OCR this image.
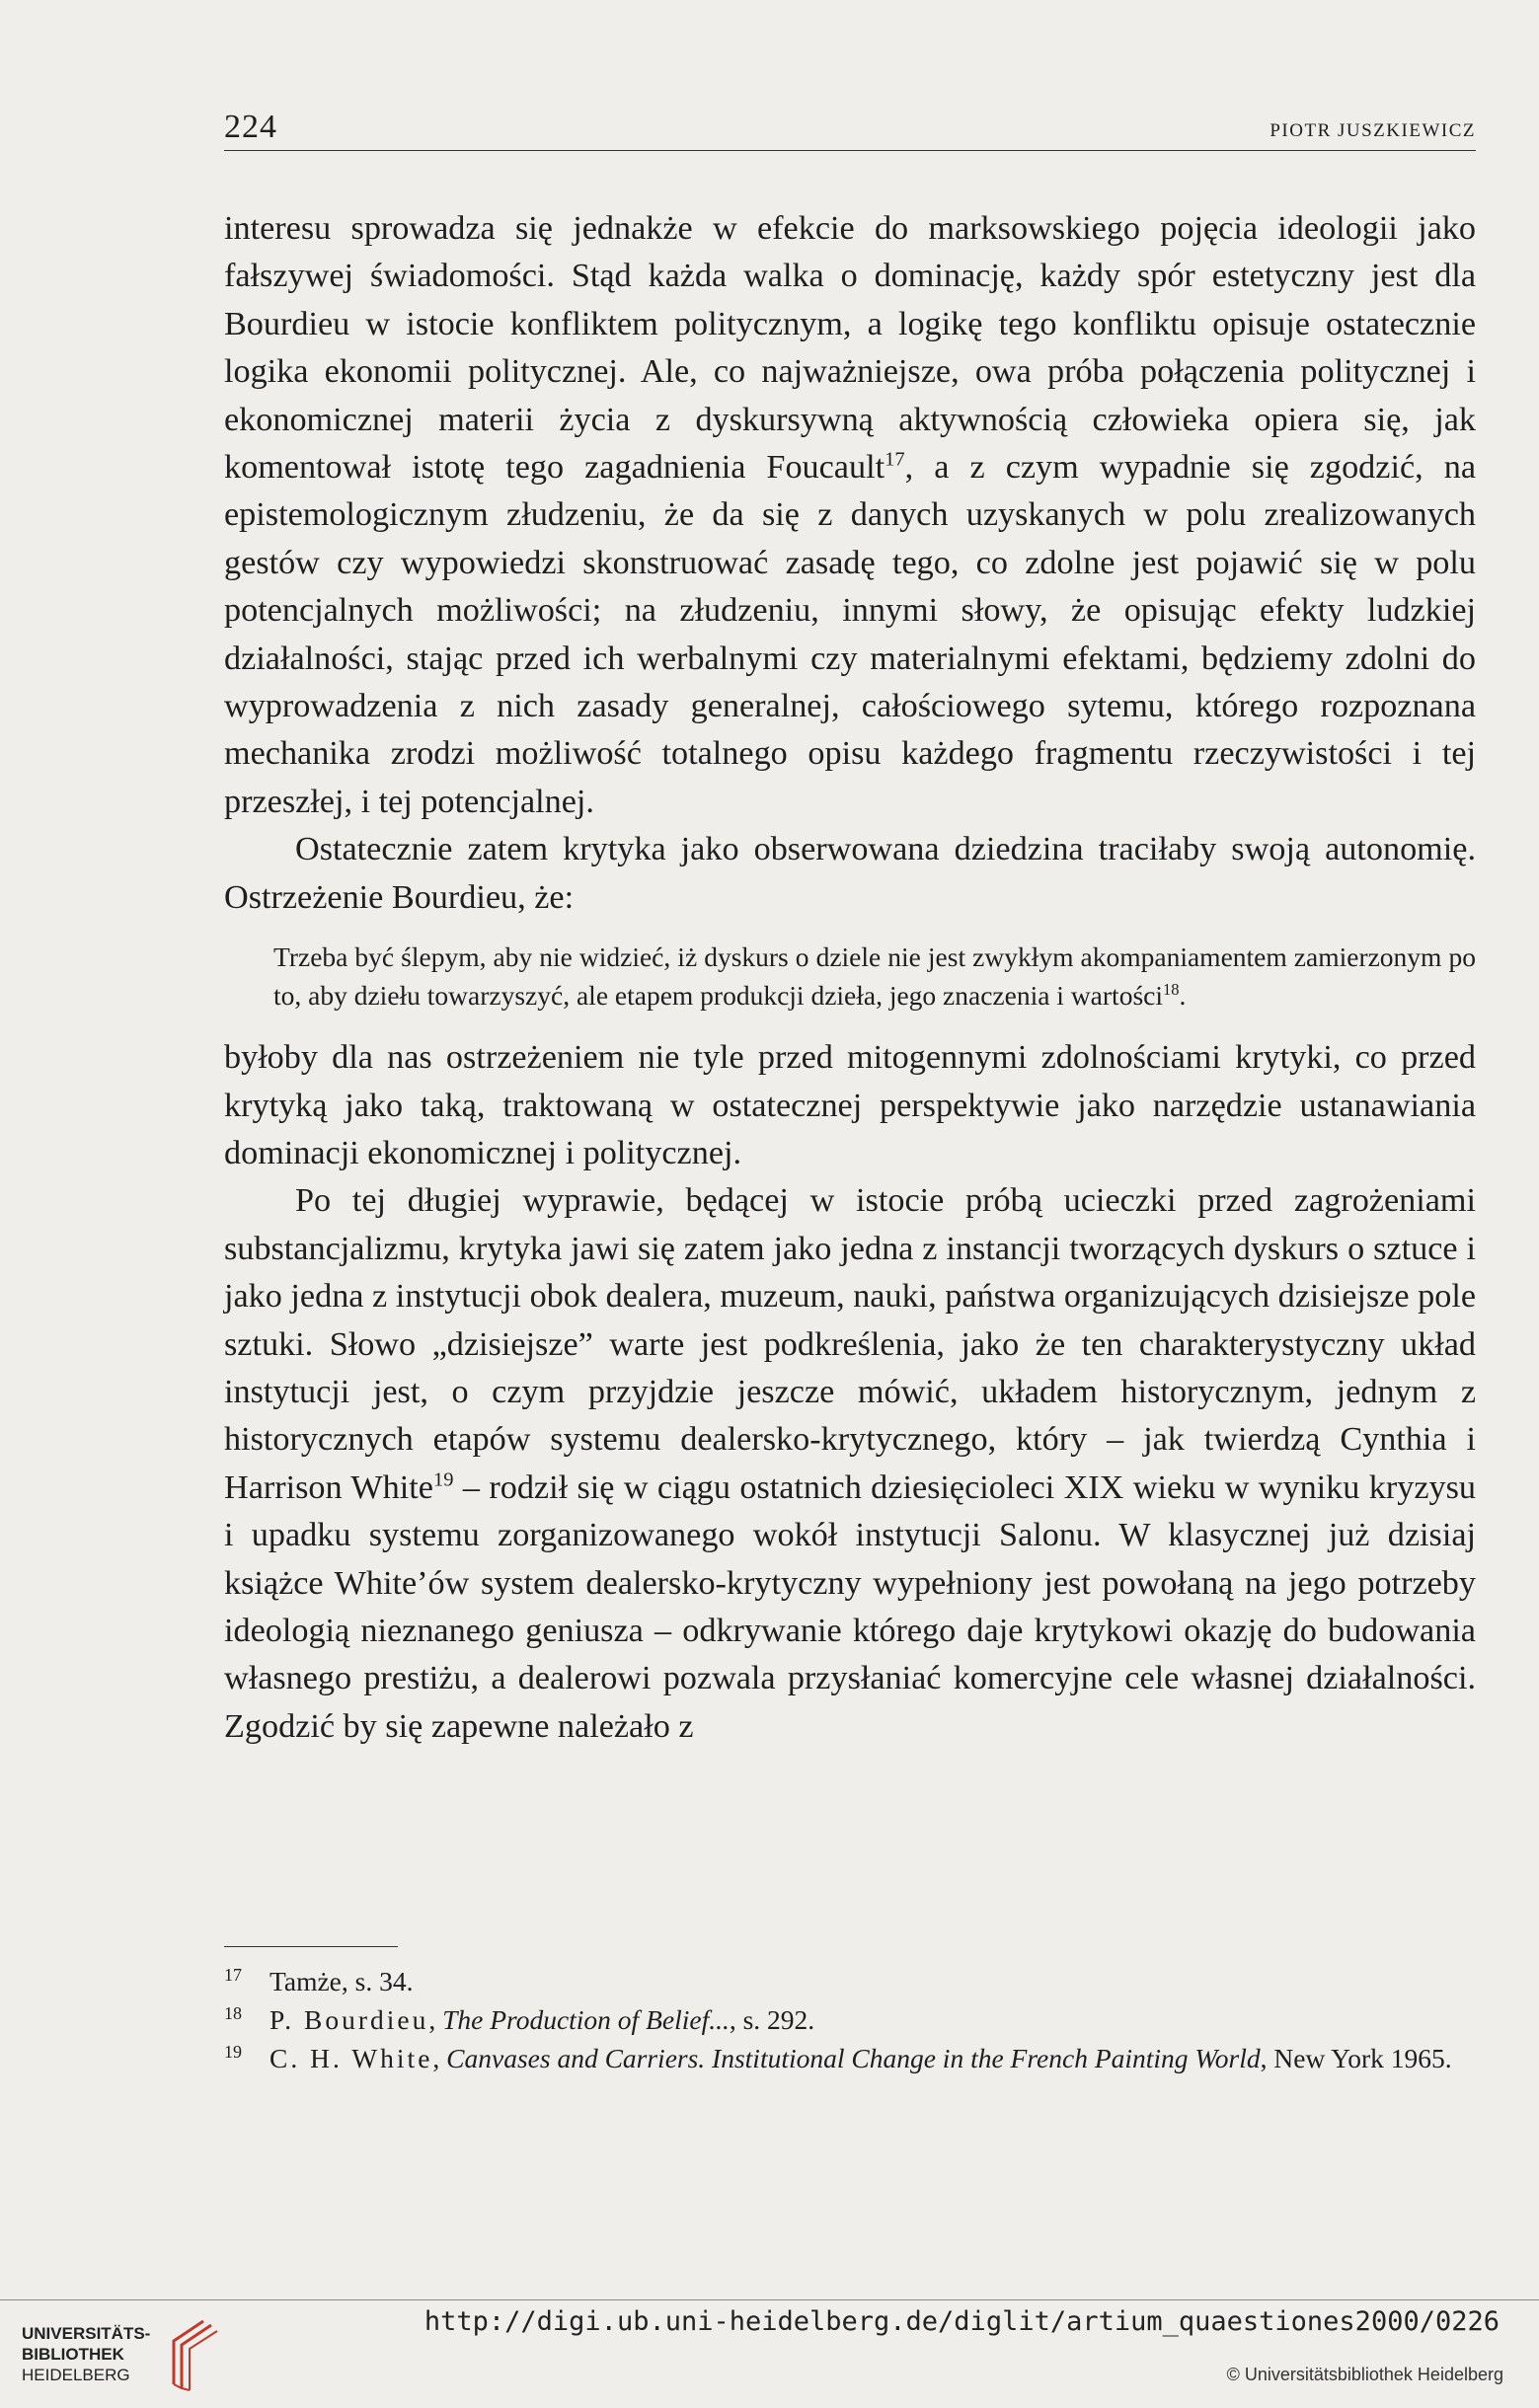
224	PIOTR JUSZKIEWICZ

interesu sprowadza się jednakże w efekcie do marksowskiego pojęcia ideologii jako fałszywej świadomości. Stąd każda walka o dominację, każdy spór estetyczny jest dla Bourdieu w istocie konfliktem politycznym, a logikę tego konfliktu opisuje ostatecznie logika ekonomii politycznej. Ale, co najważniejsze, owa próba połączenia politycznej i ekonomicznej materii życia z dyskursywną aktywnością człowieka opiera się, jak komentował istotę tego zagadnienia Foucault$^{17}$, a z czym wypadnie się zgodzić, na epistemologicznym złudzeniu, że da się z danych uzyskanych w polu zrealizowanych gestów czy wypowiedzi skonstruować zasadę tego, co zdolne jest pojawić się w polu potencjalnych możliwości; na złudzeniu, innymi słowy, że opisując efekty ludzkiej działalności, stając przed ich werbalnymi czy materialnymi efektami, będziemy zdolni do wyprowadzenia z nich zasady generalnej, całościowego sytemu, którego rozpoznana mechanika zrodzi możliwość totalnego opisu każdego fragmentu rzeczywistości i tej przeszłej, i tej potencjalnej.

Ostatecznie zatem krytyka jako obserwowana dziedzina traciłaby swoją autonomię. Ostrzeżenie Bourdieu, że:

Trzeba być ślepym, aby nie widzieć, iż dyskurs o dziele nie jest zwykłym akompaniamentem zamierzonym po to, aby dziełu towarzyszyć, ale etapem produkcji dzieła, jego znaczenia i wartości$^{18}$.

byłoby dla nas ostrzeżeniem nie tyle przed mitogennymi zdolnościami krytyki, co przed krytyką jako taką, traktowaną w ostatecznej perspektywie jako narzędzie ustanawiania dominacji ekonomicznej i politycznej.

Po tej długiej wyprawie, będącej w istocie próbą ucieczki przed zagrożeniami substancjalizmu, krytyka jawi się zatem jako jedna z instancji tworzących dyskurs o sztuce i jako jedna z instytucji obok dealera, muzeum, nauki, państwa organizujących dzisiejsze pole sztuki. Słowo „dzisiejsze” warte jest podkreślenia, jako że ten charakterystyczny układ instytucji jest, o czym przyjdzie jeszcze mówić, układem historycznym, jednym z historycznych etapów systemu dealersko-krytycznego, który – jak twierdzą Cynthia i Harrison White$^{19}$ – rodził się w ciągu ostatnich dziesięcioleci XIX wieku w wyniku kryzysu i upadku systemu zorganizowanego wokół instytucji Salonu. W klasycznej już dzisiaj książce White’ów system dealersko-krytyczny wypełniony jest powołaną na jego potrzeby ideologią nieznanego geniusza – odkrywanie którego daje krytykowi okazję do budowania własnego prestiżu, a dealerowi pozwala przysłaniać komercyjne cele własnej działalności. Zgodzić by się zapewne należało z

17 Tamże, s. 34.

18 P. Bourdieu, The Production of Belief..., s. 292.

19 C. H. White, Canvases and Carriers. Institutional Change in the French Painting World, New York 1965.

UNIVERSITÄTS-
BIBLIOTHEK
HEIDELBERG
http://digi.ub.uni-heidelberg.de/diglit/artium_quaestiones2000/0226
© Universitätsbibliothek Heidelberg
